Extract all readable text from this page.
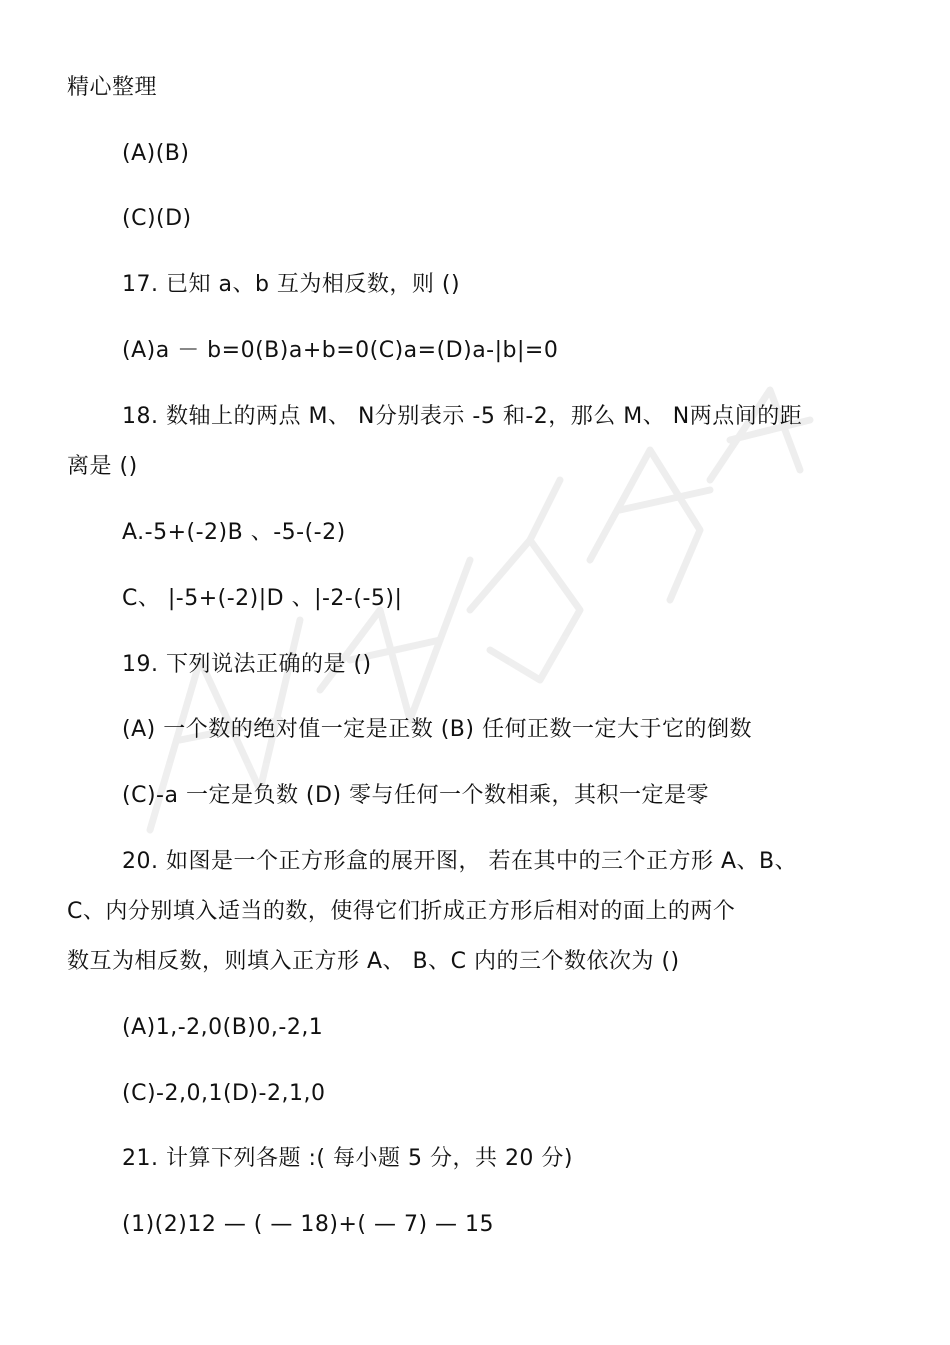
精心整理
(A)(B)
(C)(D)
17. 已知 a、b 互为相反数，则 ()
(A)a － b=0(B)a+b=0(C)a=(D)a-|b|=0
18. 数轴上的两点 M、 N分别表示 -5 和-2，那么 M、 N两点间的距
离是 ()
A.-5+(-2)B 、-5-(-2)
C、 |-5+(-2)|D 、|-2-(-5)|
19. 下列说法正确的是 ()
(A) 一个数的绝对值一定是正数 (B) 任何正数一定大于它的倒数
(C)-a 一定是负数 (D) 零与任何一个数相乘，其积一定是零
20. 如图是一个正方形盒的展开图， 若在其中的三个正方形 A、B、
C、内分别填入适当的数，使得它们折成正方形后相对的面上的两个
数互为相反数，则填入正方形 A、 B、C 内的三个数依次为 ()
(A)1,-2,0(B)0,-2,1
(C)-2,0,1(D)-2,1,0
21. 计算下列各题 :( 每小题 5 分，共 20 分)
(1)(2)12 — ( — 18)+( — 7) — 15
